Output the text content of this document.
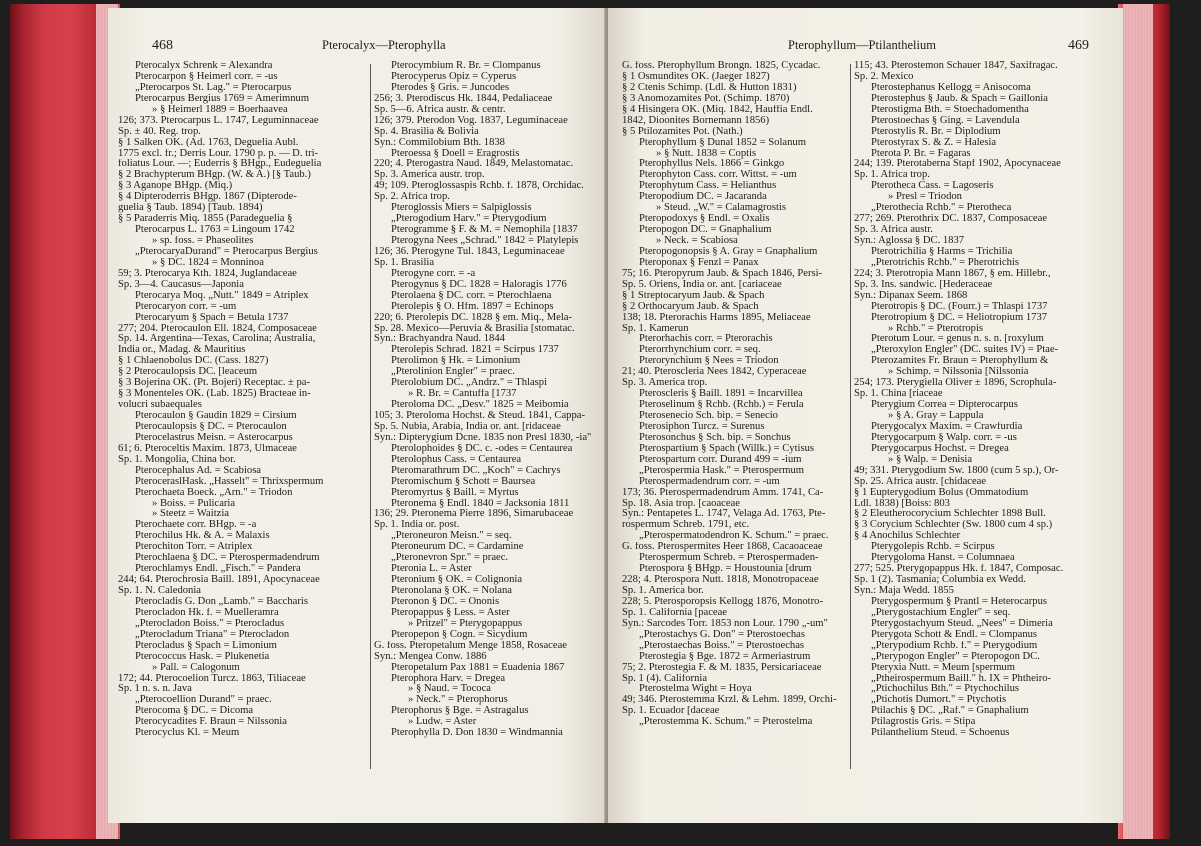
468	Pterocalyx—Pterophylla
Pterocalyx Schrenk = Alexandra
Pterocarpon § Heimerl corr. = -us
„Pterocarpos St. Lag." = Pterocarpus
Pterocarpus Bergius 1769 = Amerimnum
» § Heimerl 1889 = Boerhaavea
126; 373. Pterocarpus L. 1747, Leguminnaceae
Sp. ± 40. Reg. trop.
§ 1 Salken OK. (Ad. 1763, Deguelia Aubl.
1775 excl. fr.; Derris Lour. 1790 p. p. — D. tri-
foliatus Lour. —; Euderris § BHgp., Eudeguelia
§ 2 Brachypterum BHgp. (W. & A.) [§ Taub.)
§ 3 Aganope BHgp. (Miq.)
§ 4 Dipteroderris BHgp. 1867 (Dipterode-
guelia § Taub. 1894) [Taub. 1894)
§ 5 Paraderris Miq. 1855 (Paradeguelia §
Pterocarpus L. 1763 = Lingoum 1742
» sp. foss. = Phaseolites
„PterocaryaDurand" = Pterocarpus Bergius
» § DC. 1824 = Monninoa
59; 3. Pterocarya Kth. 1824, Juglandaceae
Sp. 3—4. Caucasus—Japonia
Pterocarya Moq. „Nutt." 1849 = Atriplex
Pterocaryon corr. = -um
Pterocaryum § Spach = Betula 1737
277; 204. Pterocaulon Ell. 1824, Composaceae
Sp. 14. Argentina—Texas, Carolina; Australia,
India or., Madag. & Mauritius
§ 1 Chlaenobolus DC. (Cass. 1827)
§ 2 Pterocaulopsis DC. [leaceum
§ 3 Bojerina OK. (Pt. Bojeri) Receptac. ± pa-
§ 3 Monenteles OK. (Lab. 1825) Bracteae in-
volucri subaequales
Pterocaulon § Gaudin 1829 = Cirsium
Pterocaulopsis § DC. = Pterocaulon
Pterocelastrus Meisn. = Asterocarpus
61; 6. Pteroceltis Maxim. 1873, Ulmaceae
Sp. 1. Mongolia, China bor.
Pterocephalus Ad. = Scabiosa
PteroceraslHask. „Hasselt" = Thrixspermum
Pterochaeta Boeck. „Arn." = Triodon
» Boiss. = Pulicaria
» Steetz = Waitzia
Pterochaete corr. BHgp. = -a
Pterochilus Hk. & A. = Malaxis
Pterochiton Torr. = Atriplex
Pterochlaena § DC. = Pterospermadendrum
Pterochlamys Endl. „Fisch." = Pandera
244; 64. Pterochrosia Baill. 1891, Apocynaceae
Sp. 1. N. Caledonia
Pterocladis G. Don „Lamb." = Baccharis
Pterocladon Hk. f. = Muelleramra
„Pterocladon Boiss." = Pterocladus
„Pterocladum Triana" = Pterocladon
Pterocladus § Spach = Limonium
Pterococcus Hask. = Plukenetia
» Pall. = Calogonum
172; 44. Pterocoelion Turcz. 1863, Tiliaceae
Sp. 1 n. s. n. Java
„Pterocoellion Durand" = praec.
Pterocoma § DC. = Dicoma
Pterocycadites F. Braun = Nilssonia
Pterocyclus Kl. = Meum
Pterocymbium R. Br. = Clompanus
Pterocyperus Opiz = Cyperus
Pterodes § Gris. = Juncodes
256; 3. Pterodiscus Hk. 1844, Pedaliaceae
Sp. 5—6. Africa austr. & centr.
126; 379. Pterodon Vog. 1837, Leguminaceae
Sp. 4. Brasilia & Bolivia
Syn.: Commilobium Bth. 1838
Pteroessa § Doell = Eragrostis
220; 4. Pterogastra Naud. 1849, Melastomatac.
Sp. 3. America austr. trop.
49; 109. Pteroglossaspis Rchb. f. 1878, Orchidac.
Sp. 2. Africa trop.
Pteroglossis Miers = Salpiglossis
„Pterogodium Harv." = Pterygodium
Pterogramme § F. & M. = Nemophila [1837
Pterogyna Nees „Schrad." 1842 = Platylepis
126; 36. Pterogyne Tul. 1843, Leguminaceae
Sp. 1. Brasilia
Pterogyne corr. = -a
Pterogynus § DC. 1828 = Haloragis 1776
Pterolaena § DC. corr. = Pterochlaena
Pterolepis § O. Hfm. 1897 = Echinops
220; 6. Pterolepis DC. 1828 § em. Miq., Mela-
Sp. 28. Mexico—Peruvia & Brasilia [stomatac.
Syn.: Brachyandra Naud. 1844
Pterolepis Schrad. 1821 = Scirpus 1737
Pterolimon § Hk. = Limonium
„Pterolinion Engler" = praec.
Pterolobium DC. „Andrz." = Thlaspi
» R. Br. = Cantuffa [1737
Pteroloma DC. „Desv." 1825 = Meibomia
105; 3. Pteroloma Hochst. & Steud. 1841, Cappa-
Sp. 5. Nubia, Arabia, India or. ant. [ridaceae
Syn.: Dipterygium Dcne. 1835 non Presl 1830, -ia"
Pterolophoides § DC. c. -odes = Centaurea
Pterolophus Cass. = Centaurea
Pteromarathrum DC. „Koch" = Cachrys
Pteromischum § Schott = Baursea
Pteromyrtus § Baill. = Myrtus
Pteronema § Endl. 1840 = Jacksonia 1811
136; 29. Pteronema Pierre 1896, Simarubaceae
Sp. 1. India or. post.
„Pteroneuron Meisn." = seq.
Pteroneurum DC. = Cardamine
„Pteronevron Spr." = praec.
Pteronia L. = Aster
Pteronium § OK. = Colignonia
Pteronolana § OK. = Nolana
Pteronon § DC. = Ononis
Pteropappus § Less. = Aster
» Pritzel" = Pterygopappus
Pteropepon § Cogn. = Sicydium
G. foss. Pteropetalum Menge 1858, Rosaceae
Syn.: Mengea Conw. 1886
Pteropetalum Pax 1881 = Euadenia 1867
Pterophora Harv. = Dregea
» § Naud. = Tococa
» Neck." = Pterophorus
Pterophorus § Bge. = Astragalus
» Ludw. = Aster
Pterophylla D. Don 1830 = Windmannia
Pterophyllum—Ptilanthelium	469
G. foss. Pterophyllum Brongn. 1825, Cycadac.
§ 1 Osmundites OK. (Jaeger 1827)
§ 2 Ctenis Schimp. (Ldl. & Hutton 1831)
§ 3 Anomozamites Pot. (Schimp. 1870)
§ 4 Hisingera OK. (Miq. 1842, Hauffia Endl.
1842, Dioonites Bornemann 1856)
§ 5 Ptilozamites Pot. (Nath.)
Pterophyllum § Dunal 1852 = Solanum
» § Nutt. 1838 = Coptis
Pterophyllus Nels. 1866 = Ginkgo
Pterophyton Cass. corr. Wittst. = -um
Pterophytum Cass. = Helianthus
Pteropodium DC. = Jacaranda
» Steud. „W." = Calamagrostis
Pteropodoxys § Endl. = Oxalis
Pteropogon DC. = Gnaphalium
» Neck. = Scabiosa
Pteropogonopsis § A. Gray = Gnaphalium
Pteroponax § Fenzl = Panax
75; 16. Pteropyrum Jaub. & Spach 1846, Persi-
Sp. 5. Oriens, India or. ant. [cariaceae
§ 1 Streptocaryum Jaub. & Spach
§ 2 Orthocaryum Jaub. & Spach
138; 18. Pterorachis Harms 1895, Meliaceae
Sp. 1. Kamerun
Pterorhachis corr. = Pterorachis
Pterorrhynchium corr. = seq.
Pterorynchium § Nees = Triodon
21; 40. Pteroscleria Nees 1842, Cyperaceae
Sp. 3. America trop.
Pteroscleris § Baill. 1891 = Incarvillea
Pteroselinum § Rchb. (Rchb.) = Ferula
Pterosenecio Sch. bip. = Senecio
Pterosiphon Turcz. = Surenus
Pterosonchus § Sch. bip. = Sonchus
Pterospartium § Spach (Willk.) = Cytisus
Pterospartum corr. Durand 499 = -ium
„Pterospermia Hask." = Pterospermum
Pterospermadendrum corr. = -um
173; 36. Pterospermadendrum Amm. 1741, Ca-
Sp. 18. Asia trop. [caoaceae
Syn.: Pentapetes L. 1747, Velaga Ad. 1763, Pte-
rospermum Schreb. 1791, etc.
„Pterospermatodendron K. Schum." = praec.
G. foss. Pterospermites Heer 1868, Cacaoaceae
Pterospermum Schreb. = Pterospermaden-
Pterospora § BHgp. = Houstounia [drum
228; 4. Pterospora Nutt. 1818, Monotropaceae
Sp. 1. America bor.
228; 5. Pterosporopsis Kellogg 1876, Monotro-
Sp. 1. California [paceae
Syn.: Sarcodes Torr. 1853 non Lour. 1790 „-um"
„Pterostachys G. Don" = Pterostoechas
„Pterostaechas Boiss." = Pterostoechas
Pterostegia § Bge. 1872 = Armeriastrum
75; 2. Pterostegia F. & M. 1835, Persicariaceae
Sp. 1 (4). California
Pterostelma Wight = Hoya
49; 346. Pterostemma Krzl. & Lehm. 1899, Orchi-
Sp. 1. Ecuador [daceae
„Pterostemma K. Schum." = Pterostelma
115; 43. Pterostemon Schauer 1847, Saxifragac.
Sp. 2. Mexico
Pterostephanus Kellogg = Anisocoma
Pterostephus § Jaub. & Spach = Gaillonia
Pterostigma Bth. = Stoechadomentha
Pterostoechas § Ging. = Lavendula
Pterostylis R. Br. = Diplodium
Pterostyrax S. & Z. = Halesia
Pterota P. Br. = Fagaras
244; 139. Pterotaberna Stapf 1902, Apocynaceae
Sp. 1. Africa trop.
Pterotheca Cass. = Lagoseris
» Presl = Triodon
„Pterothecia Rchb." = Pterotheca
277; 269. Pterothrix DC. 1837, Composaceae
Sp. 3. Africa austr.
Syn.: Aglossa § DC. 1837
Pterotrichilia § Harms = Trichilia
„Pterotrichis Rchb." = Pherotrichis
224; 3. Pterotropia Mann 1867, § em. Hillebr.,
Sp. 3. Ins. sandwic. [Hederaceae
Syn.: Dipanax Seem. 1868
Pterotropis § DC. (Fourr.) = Thlaspi 1737
Pterotropium § DC. = Heliotropium 1737
» Rchb." = Pterotropis
Pterotum Lour. = genus n. s. n. [roxylum
„Pteroxylon Engler" (DC. suites IV) = Ptae-
Pterozamites Fr. Braun = Pterophyllum &
» Schimp. = Nilssonia [Nilssonia
254; 173. Pterygiella Oliver ± 1896, Scrophula-
Sp. 1. China [riaceae
Pterygium Correa = Dipterocarpus
» § A. Gray = Lappula
Pterygocalyx Maxim. = Crawfurdia
Pterygocarpum § Walp. corr. = -us
Pterygocarpus Hochst. = Dregea
» § Walp. = Denisia
49; 331. Pterygodium Sw. 1800 (cum 5 sp.), Or-
Sp. 25. Africa austr. [chidaceae
§ 1 Eupterygodium Bolus (Ommatodium
Ldl. 1838) [Boiss: 803
§ 2 Eleutherocorycium Schlechter 1898 Bull.
§ 3 Corycium Schlechter (Sw. 1800 cum 4 sp.)
§ 4 Anochilus Schlechter
Pterygolepis Rchb. = Scirpus
Pterygoloma Hanst. = Columnaea
277; 525. Pterygopappus Hk. f. 1847, Composac.
Sp. 1 (2). Tasmania; Columbia ex Wedd.
Syn.: Maja Wedd. 1855
Pterygospermum § Prantl = Heterocarpus
„Pterygostachium Engler" = seq.
Pterygostachyum Steud. „Nees" = Dimeria
Pterygota Schott & Endl. = Clompanus
„Pterypodium Rchb. f." = Pterygodium
„Pterypogon Engler" = Pteropogon DC.
Pteryxia Nutt. = Meum [spermum
„Ptheirospermum Baill." h. IX = Phtheiro-
„Ptichochilus Bth." = Ptychochilus
„Ptichotis Dumort." = Ptychotis
Ptilachis § DC. „Raf." = Gnaphalium
Ptilagrostis Gris. = Stipa
Ptilanthelium Steud. = Schoenus
